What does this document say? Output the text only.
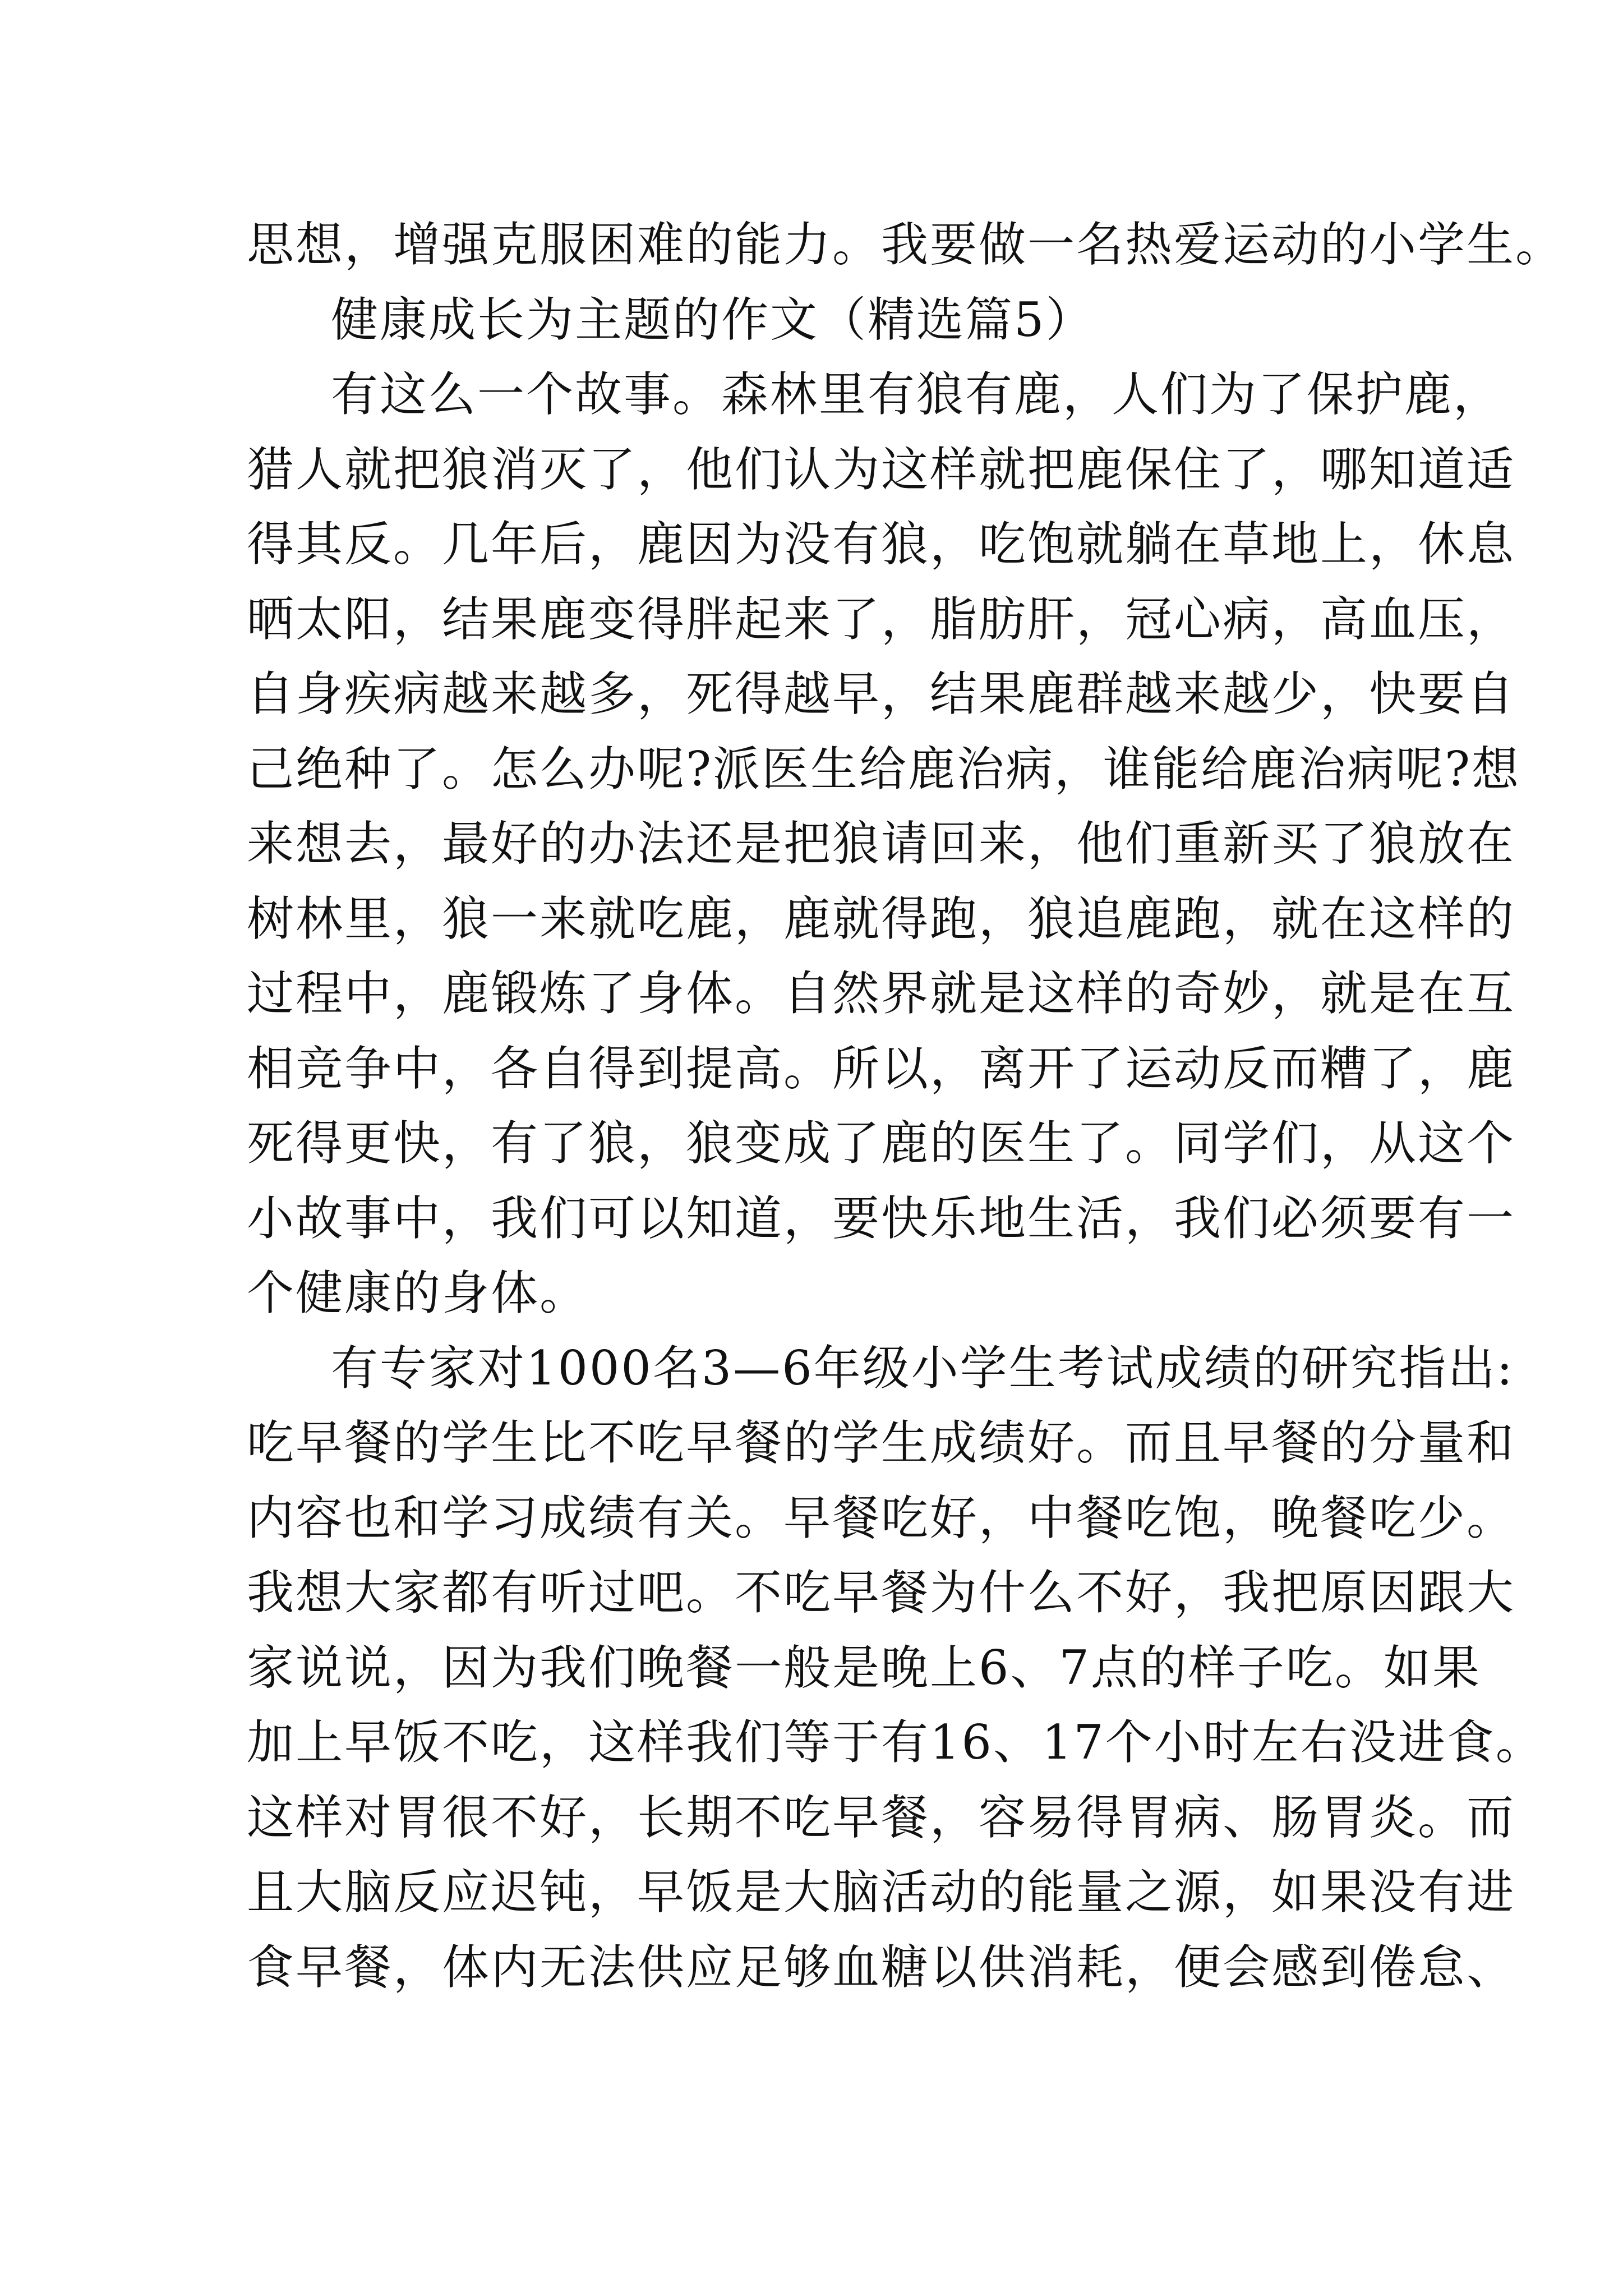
思想，增强克服困难的能力。我要做一名热爱运动的小学生。
健康成长为主题的作文（精选篇5）
有这么一个故事。森林里有狼有鹿，人们为了保护鹿，
猎人就把狼消灭了，他们认为这样就把鹿保住了，哪知道适
得其反。几年后，鹿因为没有狼，吃饱就躺在草地上，休息
晒太阳，结果鹿变得胖起来了，脂肪肝，冠心病，高血压，
自身疾病越来越多，死得越早，结果鹿群越来越少，快要自
己绝种了。怎么办呢?派医生给鹿治病，谁能给鹿治病呢?想
来想去，最好的办法还是把狼请回来，他们重新买了狼放在
树林里，狼一来就吃鹿，鹿就得跑，狼追鹿跑，就在这样的
过程中，鹿锻炼了身体。自然界就是这样的奇妙，就是在互
相竞争中，各自得到提高。所以，离开了运动反而糟了，鹿
死得更快，有了狼，狼变成了鹿的医生了。同学们，从这个
小故事中，我们可以知道，要快乐地生活，我们必须要有一
个健康的身体。
有专家对1000名3—6年级小学生考试成绩的研究指出:
吃早餐的学生比不吃早餐的学生成绩好。而且早餐的分量和
内容也和学习成绩有关。早餐吃好，中餐吃饱，晚餐吃少。
我想大家都有听过吧。不吃早餐为什么不好，我把原因跟大
家说说，因为我们晚餐一般是晚上6、7点的样子吃。如果
加上早饭不吃，这样我们等于有16、17个小时左右没进食。
这样对胃很不好，长期不吃早餐，容易得胃病、肠胃炎。而
且大脑反应迟钝，早饭是大脑活动的能量之源，如果没有进
食早餐，体内无法供应足够血糖以供消耗，便会感到倦怠、
